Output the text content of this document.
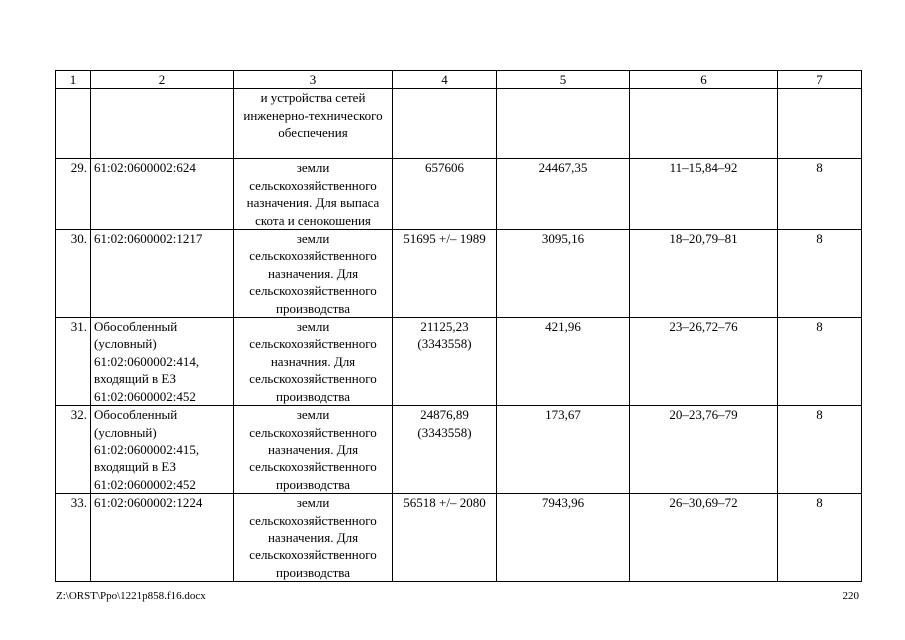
1	2	3	4	5	6	7
		и устройства сетей инженерно-технического обеспечения				
29.	61:02:0600002:624	земли сельскохозяйственного назначения. Для выпаса скота и сенокошения	657606	24467,35	11–15,84–92	8
30.	61:02:0600002:1217	земли сельскохозяйственного назначения. Для сельскохозяйственного производства	51695 +/– 1989	3095,16	18–20,79–81	8
31.	Обособленный (условный) 61:02:0600002:414, входящий в ЕЗ 61:02:0600002:452	земли сельскохозяйственного назначния. Для сельскохозяйственного производства	21125,23 (3343558)	421,96	23–26,72–76	8
32.	Обособленный (условный) 61:02:0600002:415, входящий в ЕЗ 61:02:0600002:452	земли сельскохозяйственного назначения. Для сельскохозяйственного производства	24876,89 (3343558)	173,67	20–23,76–79	8
33.	61:02:0600002:1224	земли сельскохозяйственного назначения. Для сельскохозяйственного производства	56518 +/– 2080	7943,96	26–30,69–72	8
Z:\ORST\Ppo\1221p858.f16.docx	220
